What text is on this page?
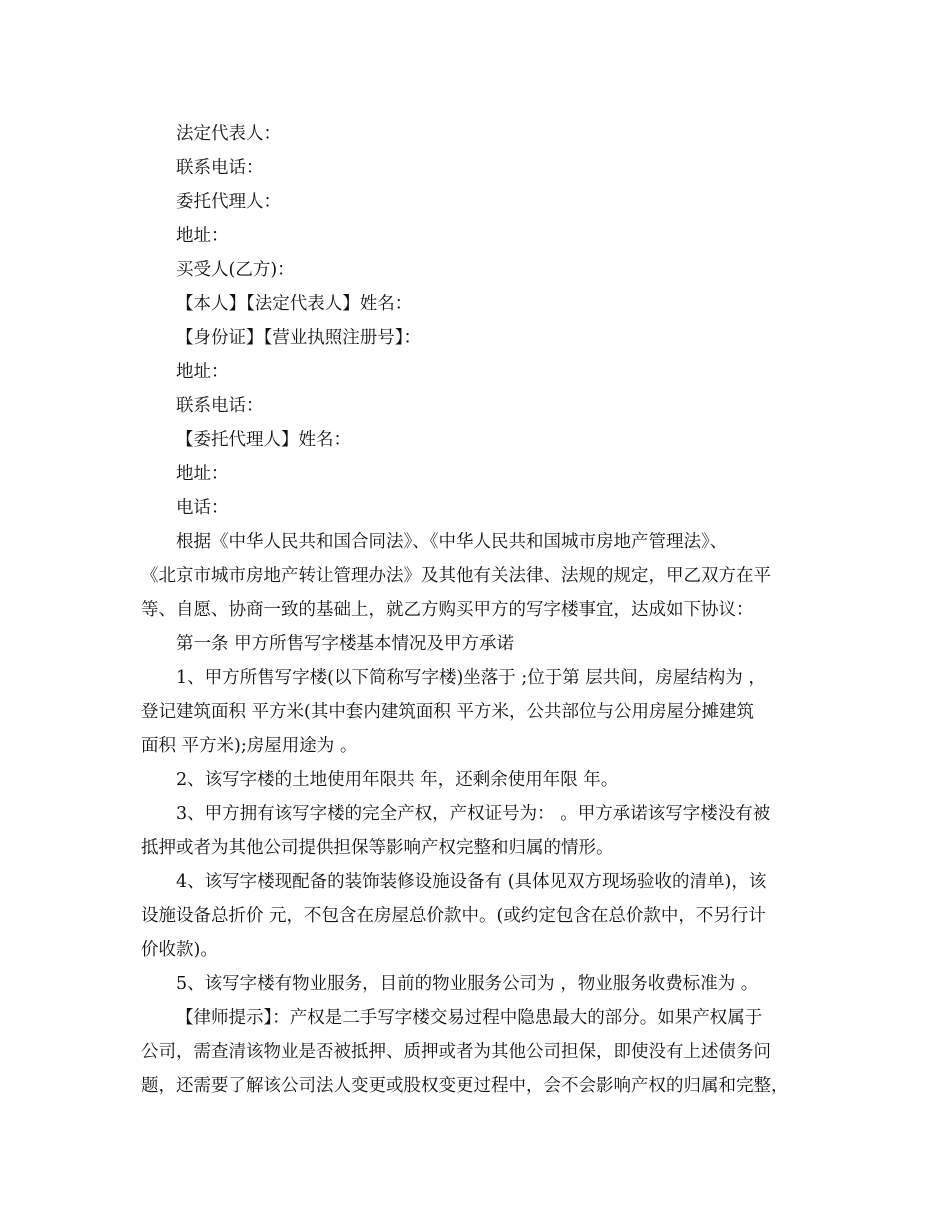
法定代表人：

联系电话：

委托代理人：

地址：

买受人(乙方)：

【本人】【法定代表人】姓名：

【身份证】【营业执照注册号】：

地址：

联系电话：

【委托代理人】姓名：

地址：

电话：

根据《中华人民共和国合同法》、《中华人民共和国城市房地产管理法》、

《北京市城市房地产转让管理办法》及其他有关法律、法规的规定，甲乙双方在平

等、自愿、协商一致的基础上，就乙方购买甲方的写字楼事宜，达成如下协议：

第一条 甲方所售写字楼基本情况及甲方承诺

1、甲方所售写字楼(以下简称写字楼)坐落于 ;位于第 层共间，房屋结构为 ，

登记建筑面积 平方米(其中套内建筑面积 平方米，公共部位与公用房屋分摊建筑

面积 平方米);房屋用途为 。

2、该写字楼的土地使用年限共 年，还剩余使用年限 年。

3、甲方拥有该写字楼的完全产权，产权证号为： 。甲方承诺该写字楼没有被

抵押或者为其他公司提供担保等影响产权完整和归属的情形。

4、该写字楼现配备的装饰装修设施设备有 (具体见双方现场验收的清单)，该

设施设备总折价 元，不包含在房屋总价款中。(或约定包含在总价款中，不另行计

价收款)。

5、该写字楼有物业服务，目前的物业服务公司为 ，物业服务收费标准为 。

【律师提示】：产权是二手写字楼交易过程中隐患最大的部分。如果产权属于

公司，需查清该物业是否被抵押、质押或者为其他公司担保，即使没有上述债务问

题，还需要了解该公司法人变更或股权变更过程中，会不会影响产权的归属和完整，
